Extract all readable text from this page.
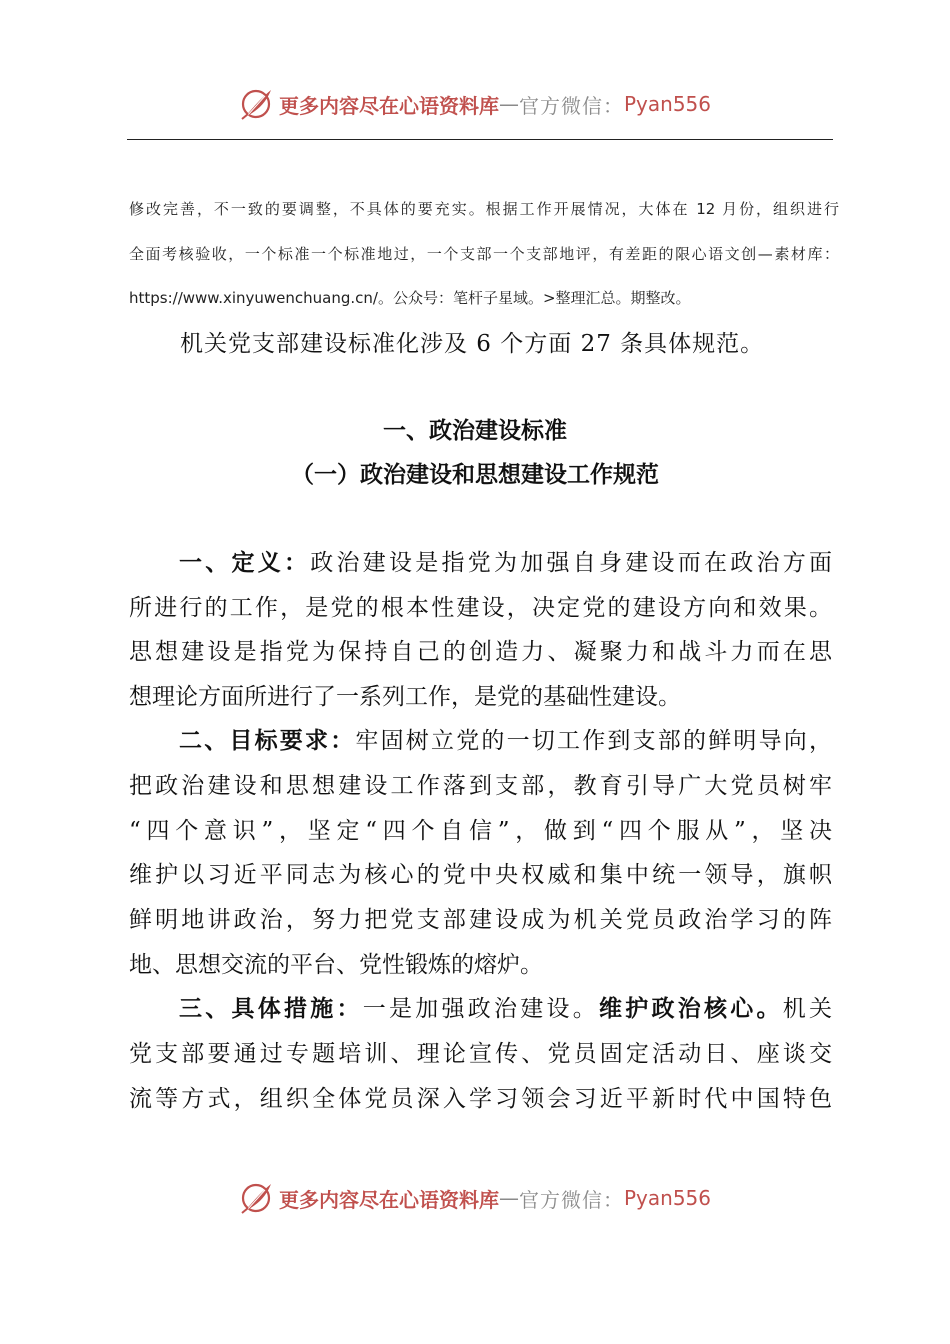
更多内容尽在心语资料库 — 官方微信： Pyan556
修改完善，不一致的要调整，不具体的要充实。根据工作开展情况，大体在 12 月份，组织进行
全面考核验收，一个标准一个标准地过，一个支部一个支部地评，有差距的限心语文创—素材库：
https://www.xinyuwenchuang.cn/。公众号：笔杆子星域。>整理汇总。期整改。
机关党支部建设标准化涉及 6 个方面 27 条具体规范。
一、政治建设标准
（一）政治建设和思想建设工作规范
一、定义：政治建设是指党为加强自身建设而在政治方面
所进行的工作，是党的根本性建设，决定党的建设方向和效果。
思想建设是指党为保持自己的创造力、凝聚力和战斗力而在思
想理论方面所进行了一系列工作，是党的基础性建设。
二、目标要求：牢固树立党的一切工作到支部的鲜明导向，
把政治建设和思想建设工作落到支部，教育引导广大党员树牢
“四个意识”，坚定“四个自信”，做到“四个服从”，坚决
维护以习近平同志为核心的党中央权威和集中统一领导，旗帜
鲜明地讲政治，努力把党支部建设成为机关党员政治学习的阵
地、思想交流的平台、党性锻炼的熔炉。
三、具体措施：一是加强政治建设。维护政治核心。机关
党支部要通过专题培训、理论宣传、党员固定活动日、座谈交
流等方式，组织全体党员深入学习领会习近平新时代中国特色
更多内容尽在心语资料库 — 官方微信： Pyan556
